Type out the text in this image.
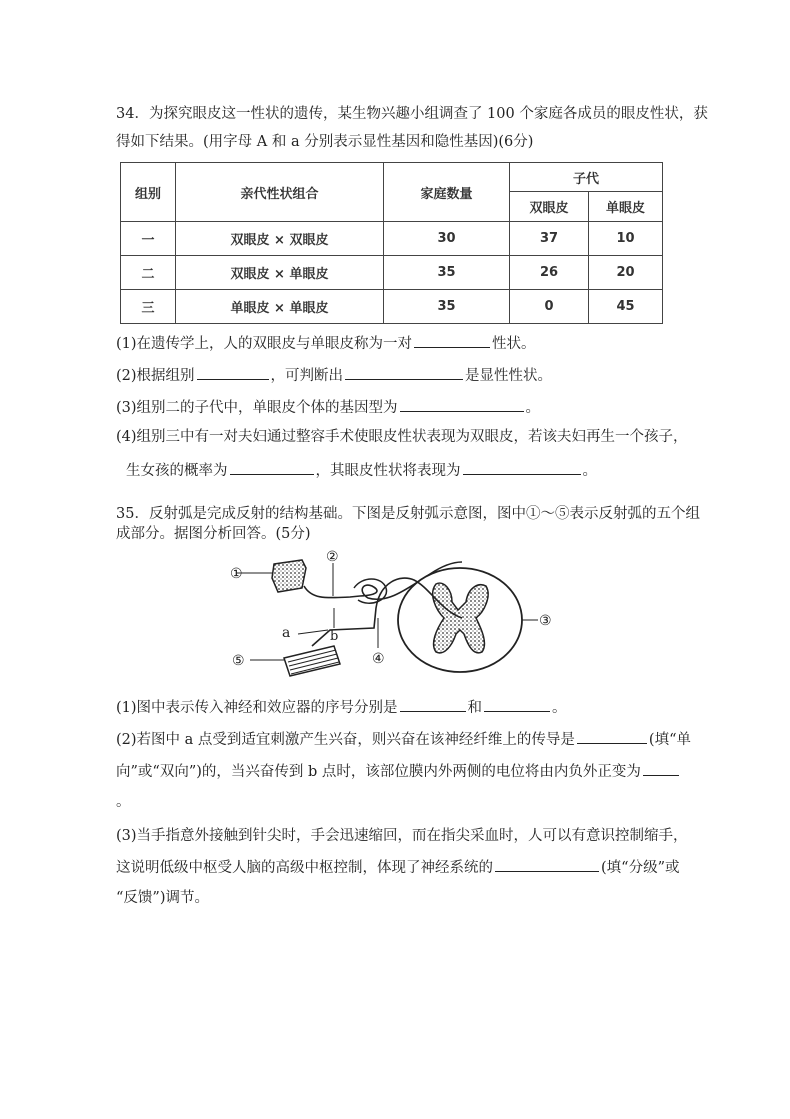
34．为探究眼皮这一性状的遗传，某生物兴趣小组调查了 100 个家庭各成员的眼皮性状，获
得如下结果。(用字母 A 和 a 分别表示显性基因和隐性基因)(6分)
组别	亲代性状组合	家庭数量	子代	
			双眼皮	单眼皮
一	双眼皮 × 双眼皮	30	37	10
二	双眼皮 × 单眼皮	35	26	20
三	单眼皮 × 单眼皮	35	0	45
(1)在遗传学上，人的双眼皮与单眼皮称为一对	性状。
(2)根据组别	，可判断出	是显性性状。
(3)组别二的子代中，单眼皮个体的基因型为	。
(4)组别三中有一对夫妇通过整容手术使眼皮性状表现为双眼皮，若该夫妇再生一个孩子，
生女孩的概率为	，其眼皮性状将表现为	。
35．反射弧是完成反射的结构基础。下图是反射弧示意图，图中①～⑤表示反射弧的五个组
成部分。据图分析回答。(5分)
①
②
③
④
a	b
⑤
(1)图中表示传入神经和效应器的序号分别是	和	。
(2)若图中 a 点受到适宜刺激产生兴奋，则兴奋在该神经纤维上的传导是	(填“单
向”或“双向”)的，当兴奋传到 b 点时，该部位膜内外两侧的电位将由内负外正变为
。
(3)当手指意外接触到针尖时，手会迅速缩回，而在指尖采血时，人可以有意识控制缩手，
这说明低级中枢受人脑的高级中枢控制，体现了神经系统的	(填“分级”或
“反馈”)调节。
